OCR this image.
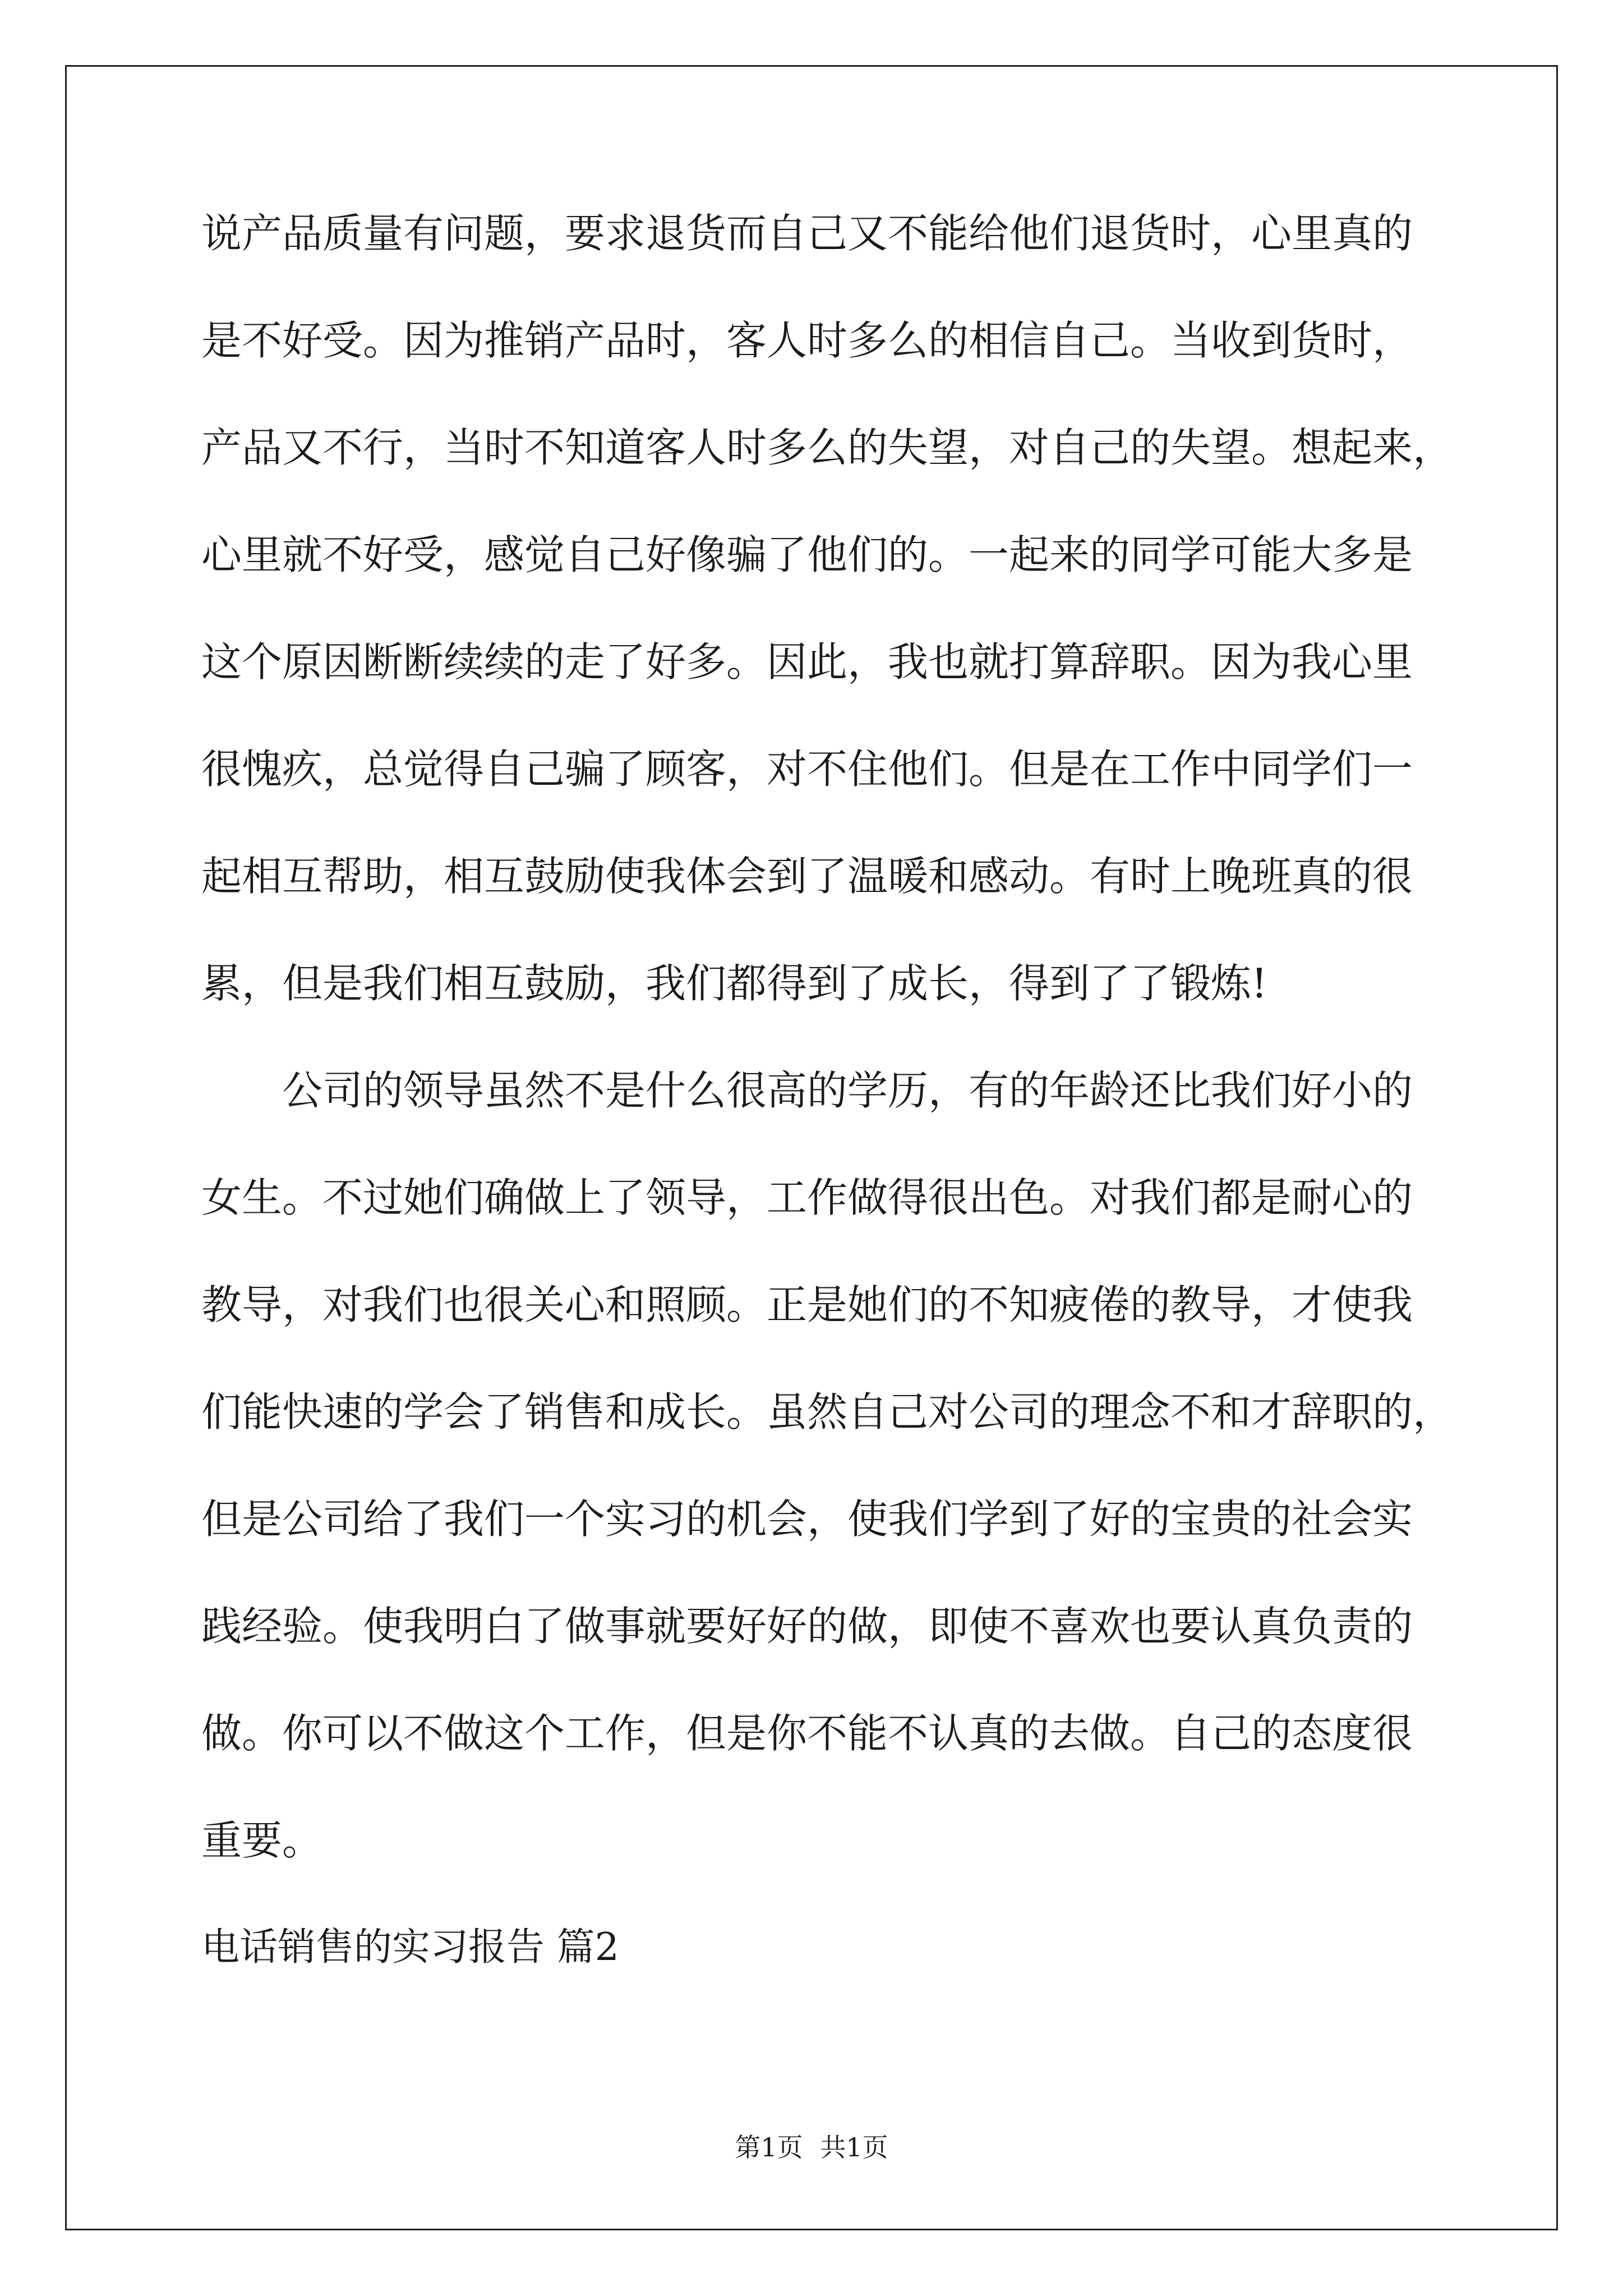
说产品质量有问题，要求退货而自己又不能给他们退货时，心里真的
是不好受。因为推销产品时，客人时多么的相信自己。当收到货时，
产品又不行，当时不知道客人时多么的失望，对自己的失望。想起来，
心里就不好受，感觉自己好像骗了他们的。一起来的同学可能大多是
这个原因断断续续的走了好多。因此，我也就打算辞职。因为我心里
很愧疚，总觉得自己骗了顾客，对不住他们。但是在工作中同学们一
起相互帮助，相互鼓励使我体会到了温暖和感动。有时上晚班真的很
累，但是我们相互鼓励，我们都得到了成长，得到了了锻炼!
公司的领导虽然不是什么很高的学历，有的年龄还比我们好小的
女生。不过她们确做上了领导，工作做得很出色。对我们都是耐心的
教导，对我们也很关心和照顾。正是她们的不知疲倦的教导，才使我
们能快速的学会了销售和成长。虽然自己对公司的理念不和才辞职的，
但是公司给了我们一个实习的机会，使我们学到了好的宝贵的社会实
践经验。使我明白了做事就要好好的做，即使不喜欢也要认真负责的
做。你可以不做这个工作，但是你不能不认真的去做。自己的态度很
重要。
电话销售的实习报告 篇2
第1页 共1页
